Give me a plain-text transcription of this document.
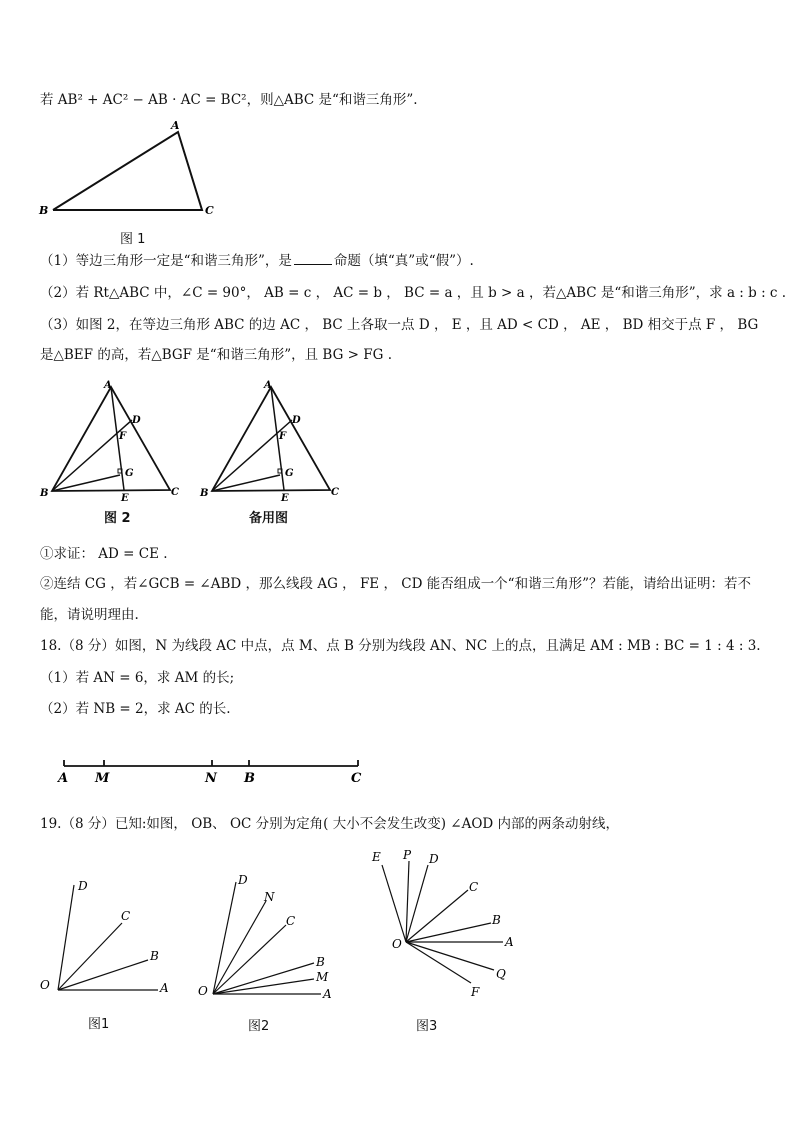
若 AB² + AC² − AB · AC = BC²，则△ABC 是“和谐三角形”.
A
B	C
图 1
（1）等边三角形一定是“和谐三角形”，是	命题（填“真”或“假”）.
（2）若 Rt△ABC 中，∠C = 90°， AB = c ， AC = b ， BC = a ，且 b > a ，若△ABC 是“和谐三角形”，求 a : b : c .
（3）如图 2，在等边三角形 ABC 的边 AC ， BC 上各取一点 D ， E ，且 AD < CD ， AE ， BD 相交于点 F ， BG
是△BEF 的高，若△BGF 是“和谐三角形”，且 BG > FG .
A
D
F
G
B	E
C
图 2
A
D
F
G
B	E
C
备用图
①求证： AD = CE .
②连结 CG ，若∠GCB = ∠ABD ，那么线段 AG ， FE ， CD 能否组成一个“和谐三角形”？若能，请给出证明：若不
能，请说明理由.
18.（8 分）如图，N 为线段 AC 中点，点 M、点 B 分别为线段 AN、NC 上的点，且满足 AM : MB : BC = 1 : 4 : 3.
（1）若 AN = 6，求 AM 的长;
（2）若 NB = 2，求 AC 的长.
A M	N B	C
19.（8 分）已知:如图， OB、 OC 分别为定角( 大小不会发生改变) ∠AOD 内部的两条动射线，
D
C
B
O	A
图1
D
N
C
B
M
O	A
图2
E P D
C
B
O	A
Q
F
图3
